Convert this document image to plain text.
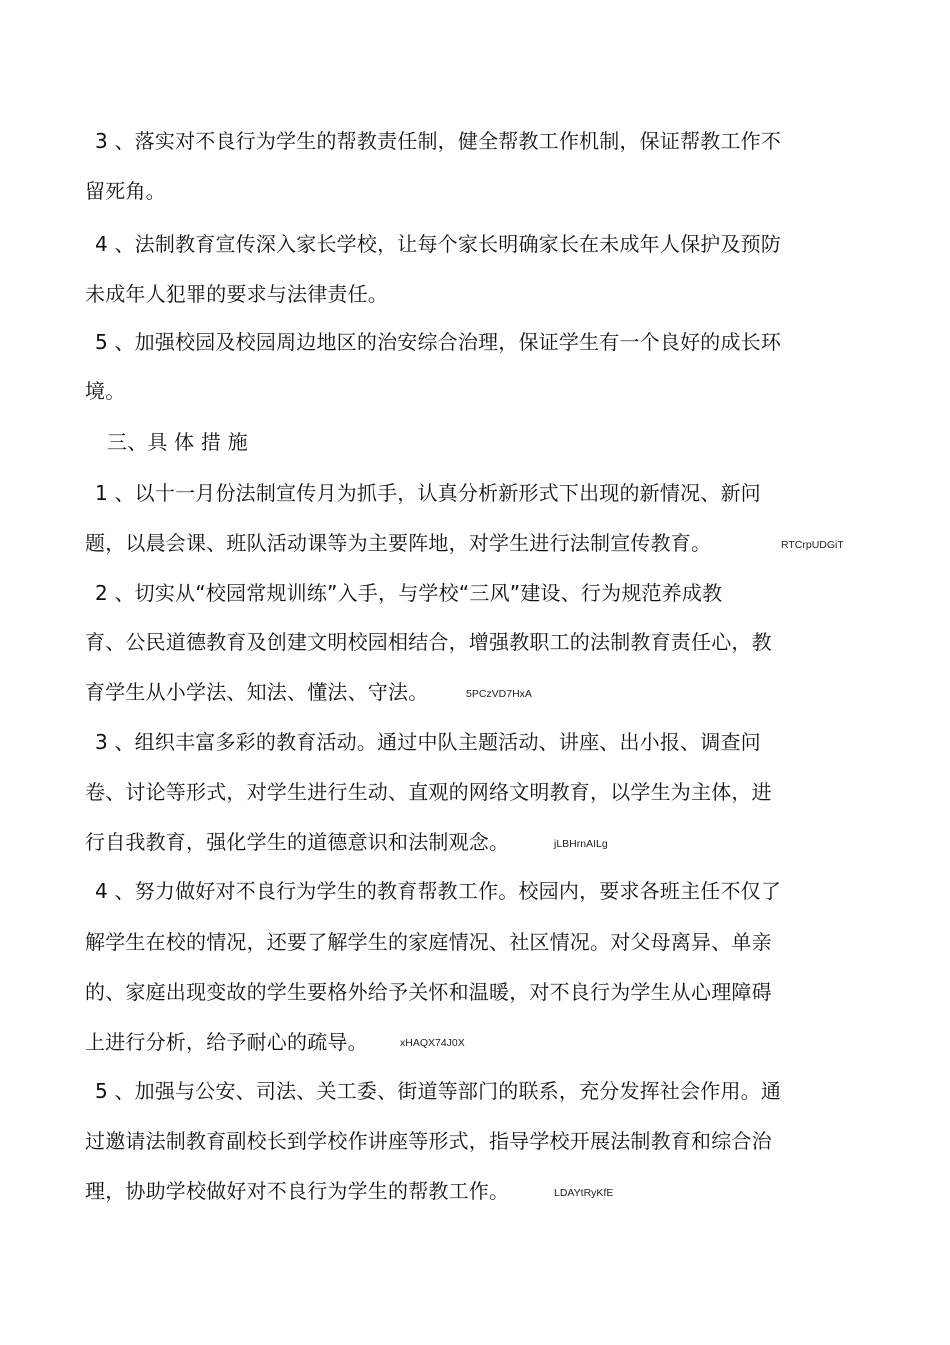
3 、落实对不良行为学生的帮教责任制，健全帮教工作机制，保证帮教工作不
留死角。
4 、法制教育宣传深入家长学校，让每个家长明确家长在未成年人保护及预防
未成年人犯罪的要求与法律责任。
5 、加强校园及校园周边地区的治安综合治理，保证学生有一个良好的成长环
境。
三、具 体 措 施
1 、以十一月份法制宣传月为抓手，认真分析新形式下出现的新情况、新问
题，以晨会课、班队活动课等为主要阵地，对学生进行法制宣传教育。	RTCrpUDGiT
2 、切实从“校园常规训练”入手，与学校“三风”建设、行为规范养成教
育、公民道德教育及创建文明校园相结合，增强教职工的法制教育责任心，教
育学生从小学法、知法、懂法、守法。	5PCzVD7HxA
3 、组织丰富多彩的教育活动。通过中队主题活动、讲座、出小报、调查问
卷、讨论等形式，对学生进行生动、直观的网络文明教育，以学生为主体，进
行自我教育，强化学生的道德意识和法制观念。	jLBHrnAILg
4 、努力做好对不良行为学生的教育帮教工作。校园内，要求各班主任不仅了
解学生在校的情况，还要了解学生的家庭情况、社区情况。对父母离异、单亲
的、家庭出现变故的学生要格外给予关怀和温暖，对不良行为学生从心理障碍
上进行分析，给予耐心的疏导。	xHAQX74J0X
5 、加强与公安、司法、关工委、街道等部门的联系，充分发挥社会作用。通
过邀请法制教育副校长到学校作讲座等形式，指导学校开展法制教育和综合治
理，协助学校做好对不良行为学生的帮教工作。	LDAYtRyKfE
